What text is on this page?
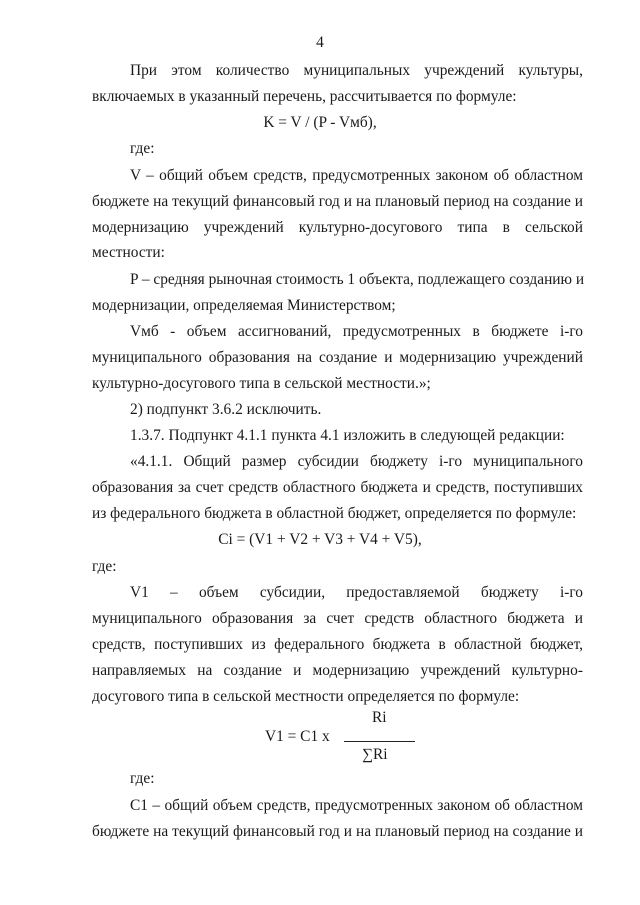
4
При этом количество муниципальных учреждений культуры,
включаемых в указанный перечень, рассчитывается по формуле:
K = V / (P - Vмб),
где:
V – общий объем средств, предусмотренных законом об областном
бюджете на текущий финансовый год и на плановый период на создание и
модернизацию учреждений культурно-досугового типа в сельской
местности:
P – средняя рыночная стоимость 1 объекта, подлежащего созданию и
модернизации, определяемая Министерством;
Vмб - объем ассигнований, предусмотренных в бюджете i-го
муниципального образования на создание и модернизацию учреждений
культурно-досугового типа в сельской местности.»;
2) подпункт 3.6.2 исключить.
1.3.7. Подпункт 4.1.1 пункта 4.1 изложить в следующей редакции:
«4.1.1. Общий размер субсидии бюджету i-го муниципального
образования за счет средств областного бюджета и средств, поступивших
из федерального бюджета в областной бюджет, определяется по формуле:
Ci = (V1 + V2 + V3 + V4 + V5),
где:
V1 – объем субсидии, предоставляемой бюджету i-го
муниципального образования за счет средств областного бюджета и
средств, поступивших из федерального бюджета в областной бюджет,
направляемых на создание и модернизацию учреждений культурно-
досугового типа в сельской местности определяется по формуле:
V1 = C1 x
Ri
∑Ri
где:
C1 – общий объем средств, предусмотренных законом об областном
бюджете на текущий финансовый год и на плановый период на создание и
